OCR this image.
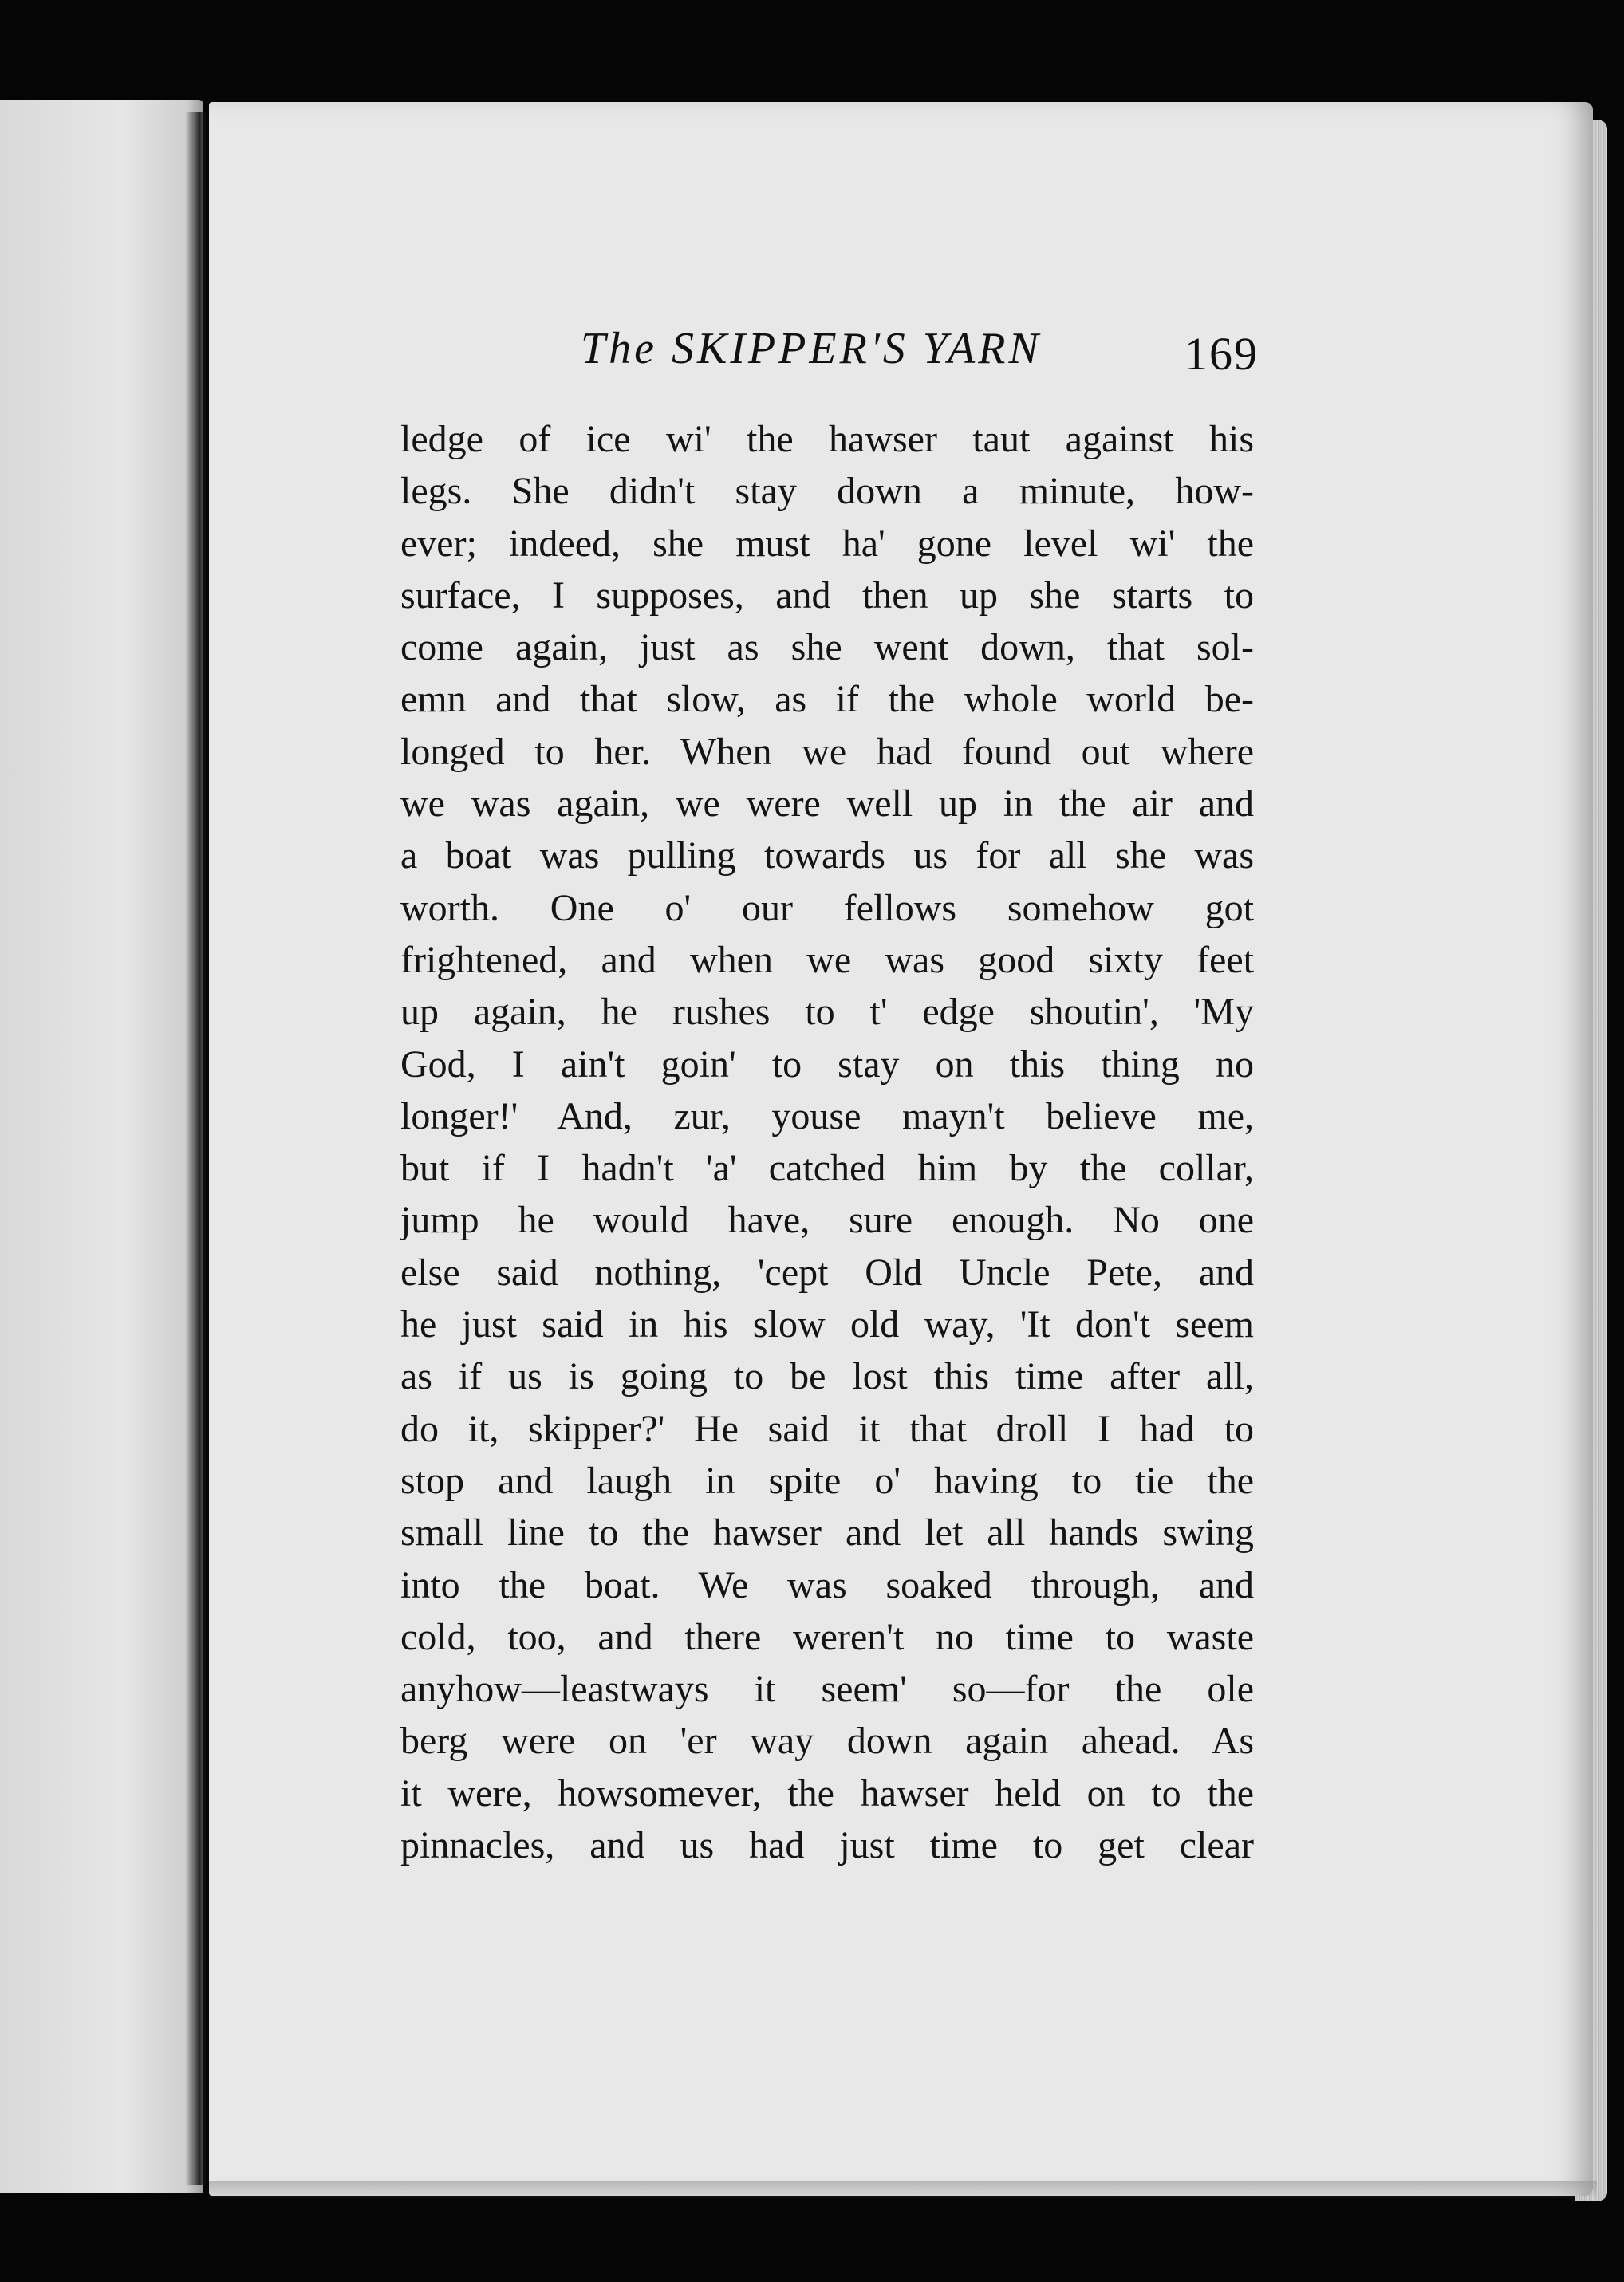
The SKIPPER'S YARN	169
ledge of ice wi' the hawser taut against his
legs. She didn't stay down a minute, how-
ever; indeed, she must ha' gone level wi' the
surface, I supposes, and then up she starts to
come again, just as she went down, that sol-
emn and that slow, as if the whole world be-
longed to her. When we had found out where
we was again, we were well up in the air and
a boat was pulling towards us for all she was
worth. One o' our fellows somehow got
frightened, and when we was good sixty feet
up again, he rushes to t' edge shoutin', 'My
God, I ain't goin' to stay on this thing no
longer!' And, zur, youse mayn't believe me,
but if I hadn't 'a' catched him by the collar,
jump he would have, sure enough. No one
else said nothing, 'cept Old Uncle Pete, and
he just said in his slow old way, 'It don't seem
as if us is going to be lost this time after all,
do it, skipper?' He said it that droll I had to
stop and laugh in spite o' having to tie the
small line to the hawser and let all hands swing
into the boat. We was soaked through, and
cold, too, and there weren't no time to waste
anyhow—leastways it seem' so—for the ole
berg were on 'er way down again ahead. As
it were, howsomever, the hawser held on to the
pinnacles, and us had just time to get clear
